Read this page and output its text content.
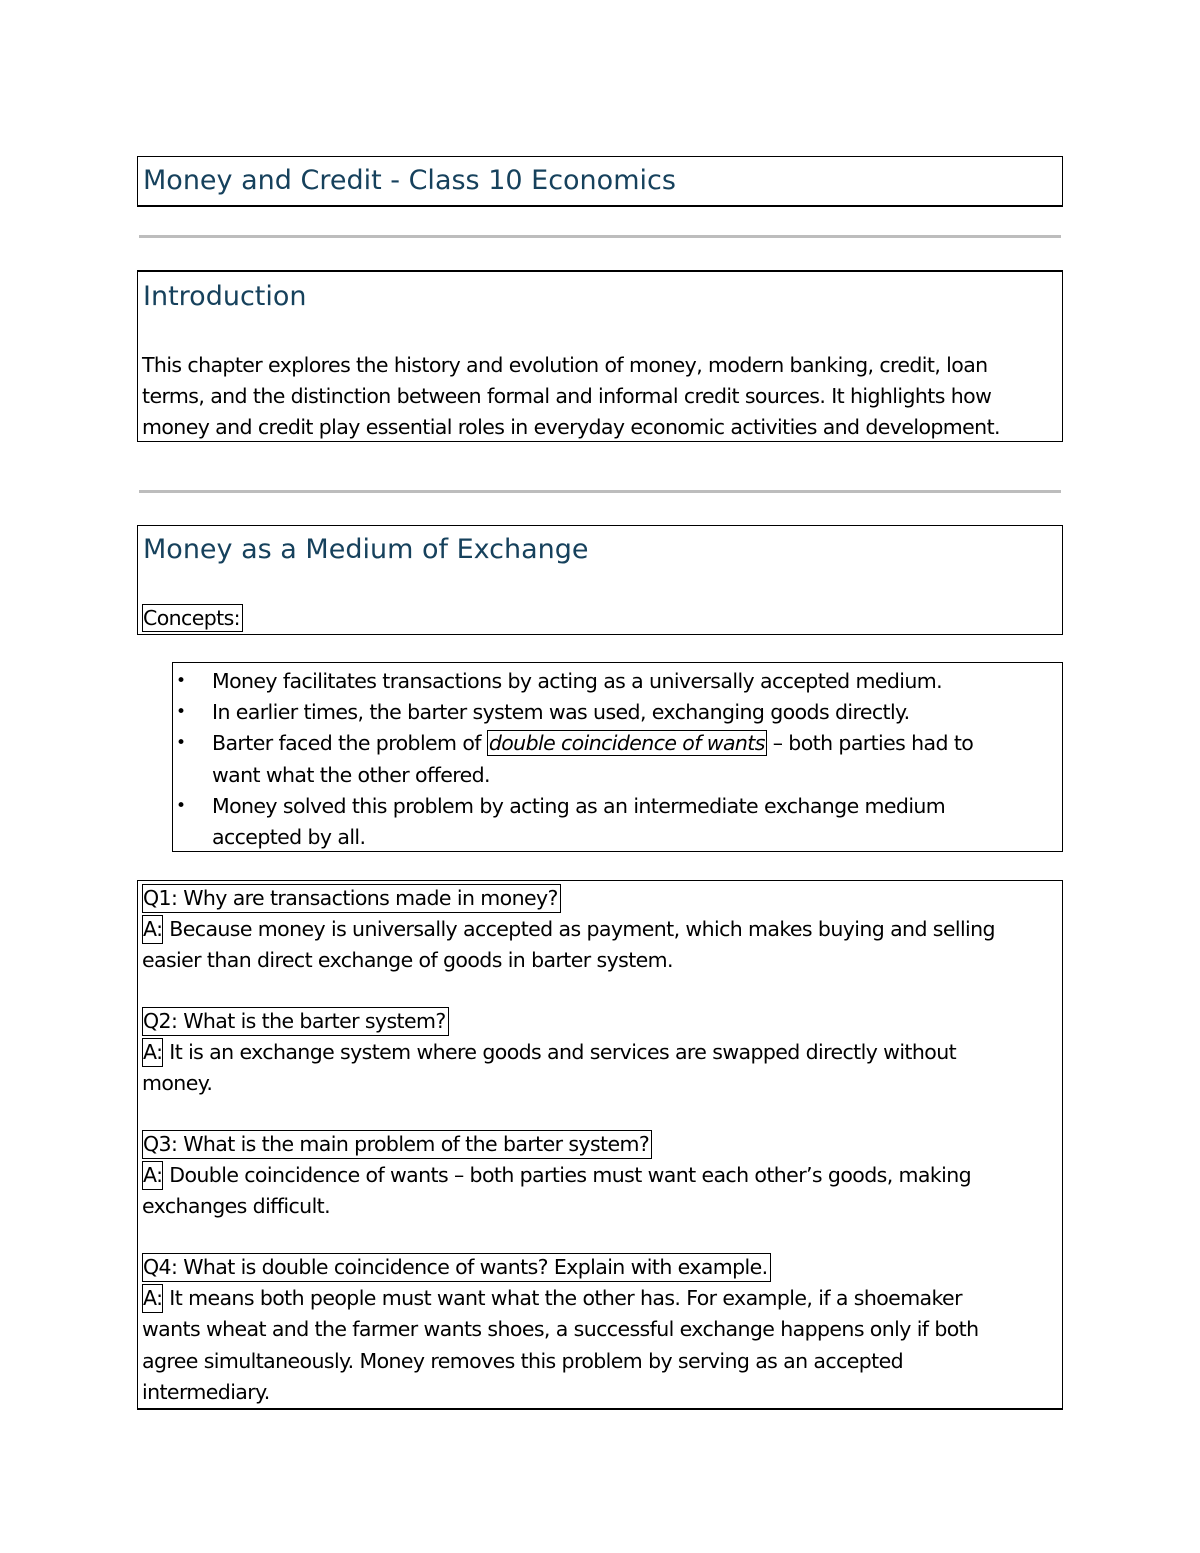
Money and Credit - Class 10 Economics
Introduction
This chapter explores the history and evolution of money, modern banking, credit, loan
terms, and the distinction between formal and informal credit sources. It highlights how
money and credit play essential roles in everyday economic activities and development.
Money as a Medium of Exchange
Concepts:
• Money facilitates transactions by acting as a universally accepted medium.
• In earlier times, the barter system was used, exchanging goods directly.
• Barter faced the problem of double coincidence of wants – both parties had to
want what the other offered.
• Money solved this problem by acting as an intermediate exchange medium
accepted by all.
Q1: Why are transactions made in money?
A: Because money is universally accepted as payment, which makes buying and selling
easier than direct exchange of goods in barter system.
Q2: What is the barter system?
A: It is an exchange system where goods and services are swapped directly without
money.
Q3: What is the main problem of the barter system?
A: Double coincidence of wants – both parties must want each other’s goods, making
exchanges difficult.
Q4: What is double coincidence of wants? Explain with example.
A: It means both people must want what the other has. For example, if a shoemaker
wants wheat and the farmer wants shoes, a successful exchange happens only if both
agree simultaneously. Money removes this problem by serving as an accepted
intermediary.
